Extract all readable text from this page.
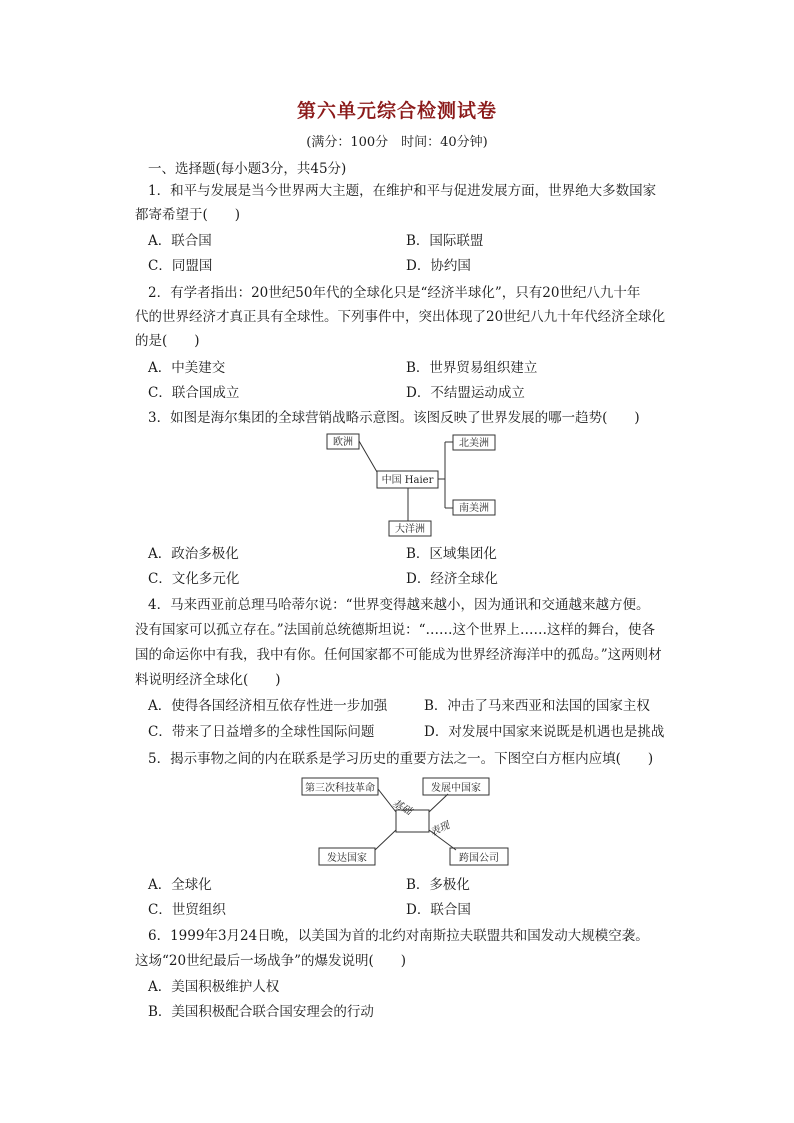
第六单元综合检测试卷
(满分：100分　时间：40分钟)
一、选择题(每小题3分，共45分)
1．和平与发展是当今世界两大主题，在维护和平与促进发展方面，世界绝大多数国家
都寄希望于(　　)
A．联合国	B．国际联盟
C．同盟国	D．协约国
2．有学者指出：20世纪50年代的全球化只是“经济半球化”，只有20世纪八九十年
代的世界经济才真正具有全球性。下列事件中，突出体现了20世纪八九十年代经济全球化
的是(　　)
A．中美建交	B．世界贸易组织建立
C．联合国成立	D．不结盟运动成立
3．如图是海尔集团的全球营销战略示意图。该图反映了世界发展的哪一趋势(　　)
欧洲	北美洲
中国 Haier
南美洲
大洋洲
A．政治多极化	B．区域集团化
C．文化多元化	D．经济全球化
4．马来西亚前总理马哈蒂尔说：“世界变得越来越小，因为通讯和交通越来越方便。
没有国家可以孤立存在。”法国前总统德斯坦说：“……这个世界上……这样的舞台，使各
国的命运你中有我，我中有你。任何国家都不可能成为世界经济海洋中的孤岛。”这两则材
料说明经济全球化(　　)
A．使得各国经济相互依存性进一步加强	B．冲击了马来西亚和法国的国家主权
C．带来了日益增多的全球性国际问题	D．对发展中国家来说既是机遇也是挑战
5．揭示事物之间的内在联系是学习历史的重要方法之一。下图空白方框内应填(　　)
第三次科技革命	发展中国家
发达国家	跨国公司
基础
表现
A．全球化	B．多极化
C．世贸组织	D．联合国
6．1999年3月24日晚，以美国为首的北约对南斯拉夫联盟共和国发动大规模空袭。
这场“20世纪最后一场战争”的爆发说明(　　)
A．美国积极维护人权
B．美国积极配合联合国安理会的行动
